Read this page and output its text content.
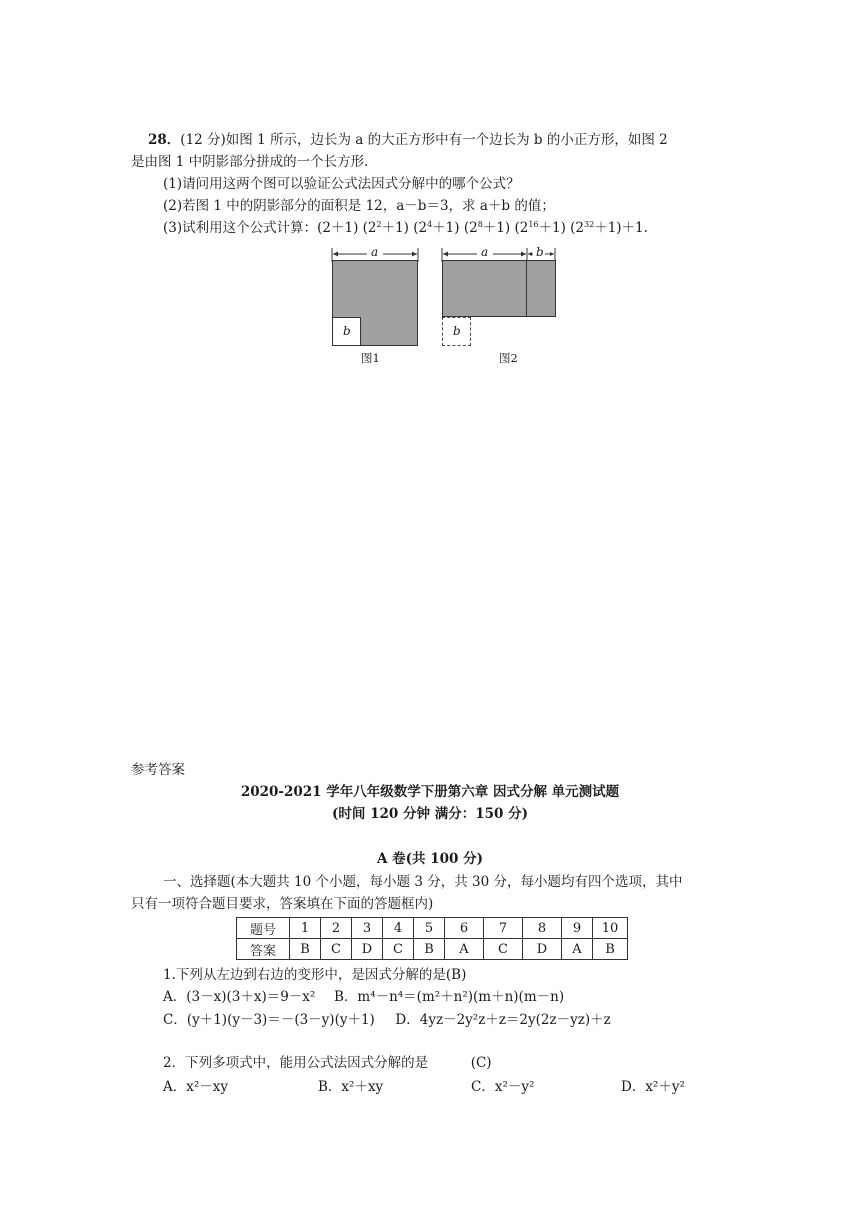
28．(12 分)如图 1 所示，边长为 a 的大正方形中有一个边长为 b 的小正方形，如图 2
是由图 1 中阴影部分拼成的一个长方形.
(1)请问用这两个图可以验证公式法因式分解中的哪个公式？
(2)若图 1 中的阴影部分的面积是 12，a－b＝3，求 a＋b 的值；
(3)试利用这个公式计算：(2＋1) $(2^2+1)$ $(2^4+1)$ $(2^8+1)$ $(2^{16}+1)$ $(2^{32}+1)+1$.
a
b
图1
a	b
b
图2
参考答案
2020-2021 学年八年级数学下册第六章 因式分解 单元测试题
(时间 120 分钟 满分：150 分)
A 卷(共 100 分)
一、选择题(本大题共 10 个小题，每小题 3 分，共 30 分，每小题均有四个选项，其中
只有一项符合题目要求，答案填在下面的答题框内)
题号	1	2	3	4	5	6	7	8	9	10
答案	B	C	D	C	B	A	C	D	A	B
1.下列从左边到右边的变形中，是因式分解的是(B)
A．(3－x)(3＋x)＝9－x² B．m⁴－n⁴＝(m²＋n²)(m＋n)(m－n)
C．(y＋1)(y－3)＝－(3－y)(y＋1) D．4yz－2y²z＋z＝2y(2z－yz)＋z
2．下列多项式中，能用公式法因式分解的是	(C)
A．x²－xy	B．x²＋xy	C．x²－y²	D．x²＋y²
